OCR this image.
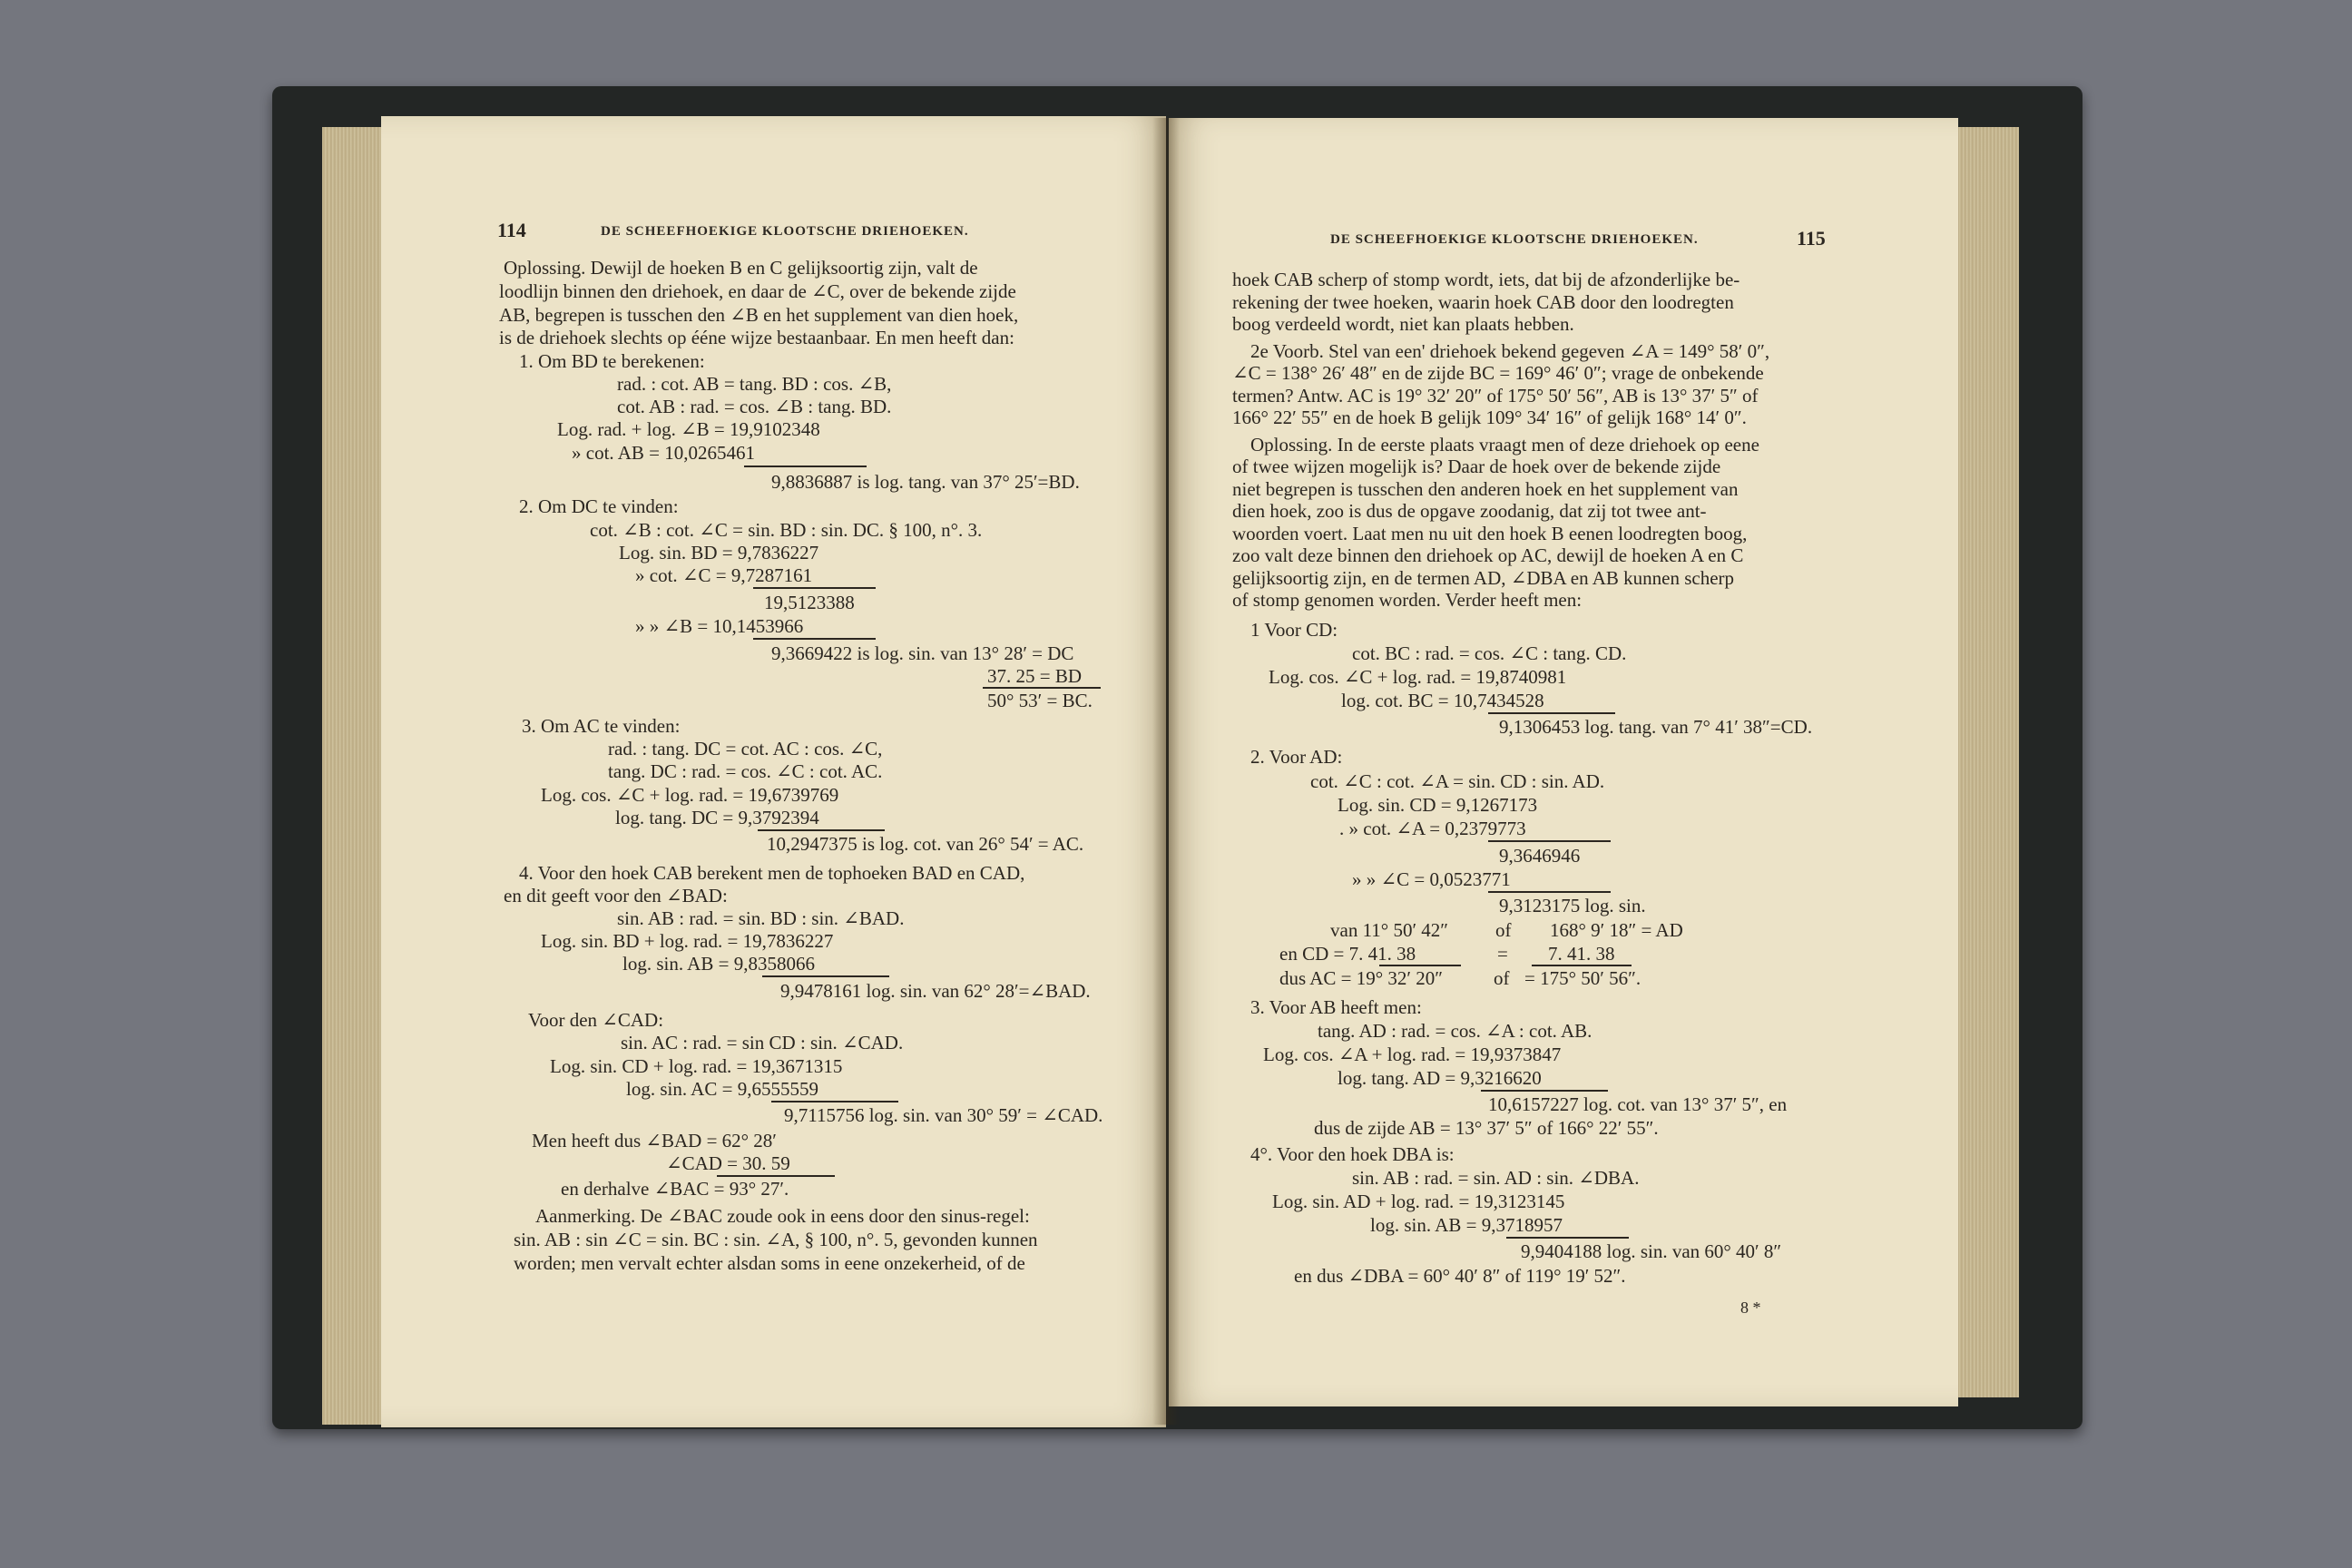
114	DE SCHEEFHOEKIGE KLOOTSCHE DRIEHOEKEN.
Oplossing. Dewijl de hoeken B en C gelijksoortig zijn, valt de
loodlijn binnen den driehoek, en daar de ∠C, over de bekende zijde
AB, begrepen is tusschen den ∠B en het supplement van dien hoek,
is de driehoek slechts op ééne wijze bestaanbaar. En men heeft dan:
1. Om BD te berekenen:
rad. : cot. AB = tang. BD : cos. ∠B,
cot. AB : rad. = cos. ∠B : tang. BD.
Log. rad. + log. ∠B = 19,9102348
» cot. AB = 10,0265461
9,8836887 is log. tang. van 37° 25′=BD.
2. Om DC te vinden:
cot. ∠B : cot. ∠C = sin. BD : sin. DC. § 100, n°. 3.
Log. sin. BD = 9,7836227
» cot. ∠C = 9,7287161
19,5123388
» » ∠B = 10,1453966
9,3669422 is log. sin. van 13° 28′ = DC
37. 25 = BD
50° 53′ = BC.
3. Om AC te vinden:
rad. : tang. DC = cot. AC : cos. ∠C,
tang. DC : rad. = cos. ∠C : cot. AC.
Log. cos. ∠C + log. rad. = 19,6739769
log. tang. DC = 9,3792394
10,2947375 is log. cot. van 26° 54′ = AC.
4. Voor den hoek CAB berekent men de tophoeken BAD en CAD,
en dit geeft voor den ∠BAD:
sin. AB : rad. = sin. BD : sin. ∠BAD.
Log. sin. BD + log. rad. = 19,7836227
log. sin. AB = 9,8358066
9,9478161 log. sin. van 62° 28′=∠BAD.
Voor den ∠CAD:
sin. AC : rad. = sin CD : sin. ∠CAD.
Log. sin. CD + log. rad. = 19,3671315
log. sin. AC = 9,6555559
9,7115756 log. sin. van 30° 59′ = ∠CAD.
Men heeft dus ∠BAD = 62° 28′
∠CAD = 30. 59
en derhalve ∠BAC = 93° 27′.
Aanmerking. De ∠BAC zoude ook in eens door den sinus-regel:
sin. AB : sin ∠C = sin. BC : sin. ∠A, § 100, n°. 5, gevonden kunnen
worden; men vervalt echter alsdan soms in eene onzekerheid, of de
DE SCHEEFHOEKIGE KLOOTSCHE DRIEHOEKEN.	115
hoek CAB scherp of stomp wordt, iets, dat bij de afzonderlijke be-
rekening der twee hoeken, waarin hoek CAB door den loodregten
boog verdeeld wordt, niet kan plaats hebben.
2e Voorb. Stel van een' driehoek bekend gegeven ∠A = 149° 58′ 0″,
∠C = 138° 26′ 48″ en de zijde BC = 169° 46′ 0″; vrage de onbekende
termen? Antw. AC is 19° 32′ 20″ of 175° 50′ 56″, AB is 13° 37′ 5″ of
166° 22′ 55″ en de hoek B gelijk 109° 34′ 16″ of gelijk 168° 14′ 0″.
Oplossing. In de eerste plaats vraagt men of deze driehoek op eene
of twee wijzen mogelijk is? Daar de hoek over de bekende zijde
niet begrepen is tusschen den anderen hoek en het supplement van
dien hoek, zoo is dus de opgave zoodanig, dat zij tot twee ant-
woorden voert. Laat men nu uit den hoek B eenen loodregten boog,
zoo valt deze binnen den driehoek op AC, dewijl de hoeken A en C
gelijksoortig zijn, en de termen AD, ∠DBA en AB kunnen scherp
of stomp genomen worden. Verder heeft men:
1 Voor CD:
cot. BC : rad. = cos. ∠C : tang. CD.
Log. cos. ∠C + log. rad. = 19,8740981
log. cot. BC = 10,7434528
9,1306453 log. tang. van 7° 41′ 38″=CD.
2. Voor AD:
cot. ∠C : cot. ∠A = sin. CD : sin. AD.
Log. sin. CD = 9,1267173
. » cot. ∠A = 0,2379773
9,3646946
» » ∠C = 0,0523771
9,3123175 log. sin.
van 11° 50′ 42″ of 168° 9′ 18″ = AD
en CD = 7. 41. 38	= 7. 41. 38
dus AC = 19° 32′ 20″	of = 175° 50′ 56″.
3. Voor AB heeft men:
tang. AD : rad. = cos. ∠A : cot. AB.
Log. cos. ∠A + log. rad. = 19,9373847
log. tang. AD = 9,3216620
10,6157227 log. cot. van 13° 37′ 5″, en
dus de zijde AB = 13° 37′ 5″ of 166° 22′ 55″.
4°. Voor den hoek DBA is:
sin. AB : rad. = sin. AD : sin. ∠DBA.
Log. sin. AD + log. rad. = 19,3123145
log. sin. AB = 9,3718957
9,9404188 log. sin. van 60° 40′ 8″
en dus ∠DBA = 60° 40′ 8″ of 119° 19′ 52″.
8 *
